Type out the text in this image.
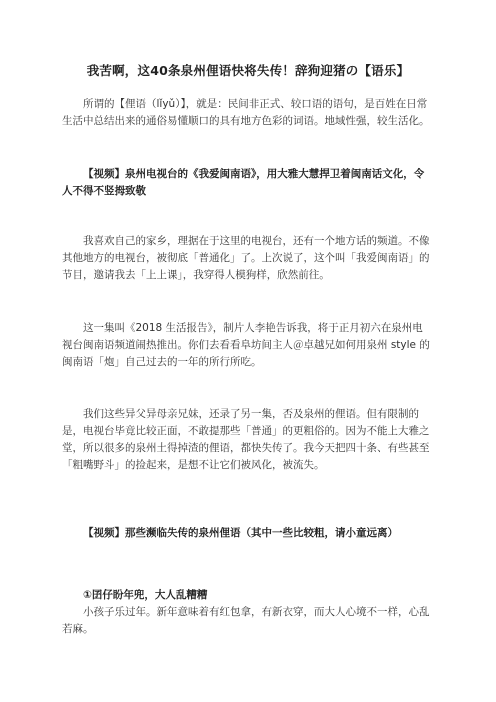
我苦啊，这40条泉州俚语快将失传！辞狗迎猪の【语乐】

所谓的【俚语（lǐyǔ）】，就是：民间非正式、较口语的语句，是百姓在日常生活中总结出来的通俗易懂顺口的具有地方色彩的词语。地域性强，较生活化。

【视频】泉州电视台的《我爱闽南语》，用大雅大慧捍卫着闽南话文化，令人不得不竖拇致敬

我喜欢自己的家乡，理据在于这里的电视台，还有一个地方话的频道。不像其他地方的电视台，被彻底「普通化」了。上次说了，这个叫「我爱闽南语」的节目，邀请我去「上上课」，我穿得人模狗样，欣然前往。

这一集叫《2018 生活报告》，制片人李艳告诉我，将于正月初六在泉州电视台闽南语频道闹热推出。你们去看看阜坊间主人＠卓越兄如何用泉州 style 的闽南语「炮」自己过去的一年的所行所吃。

我们这些异父异母亲兄妹，还录了另一集，否及泉州的俚语。但有限制的是，电视台毕竟比较正面，不敢提那些「普通」的更粗俗的。因为不能上大雅之堂，所以很多的泉州土得掉渣的俚语，都快失传了。我今天把四十条、有些甚至「粗嘴野斗」的捡起来，是想不让它们被风化，被流失。

【视频】那些濒临失传的泉州俚语（其中一些比较粗，请小童远离）

①囝仔盼年兜，大人乱糟糟

小孩子乐过年。新年意味着有红包拿，有新衣穿，而大人心境不一样，心乱若麻。
